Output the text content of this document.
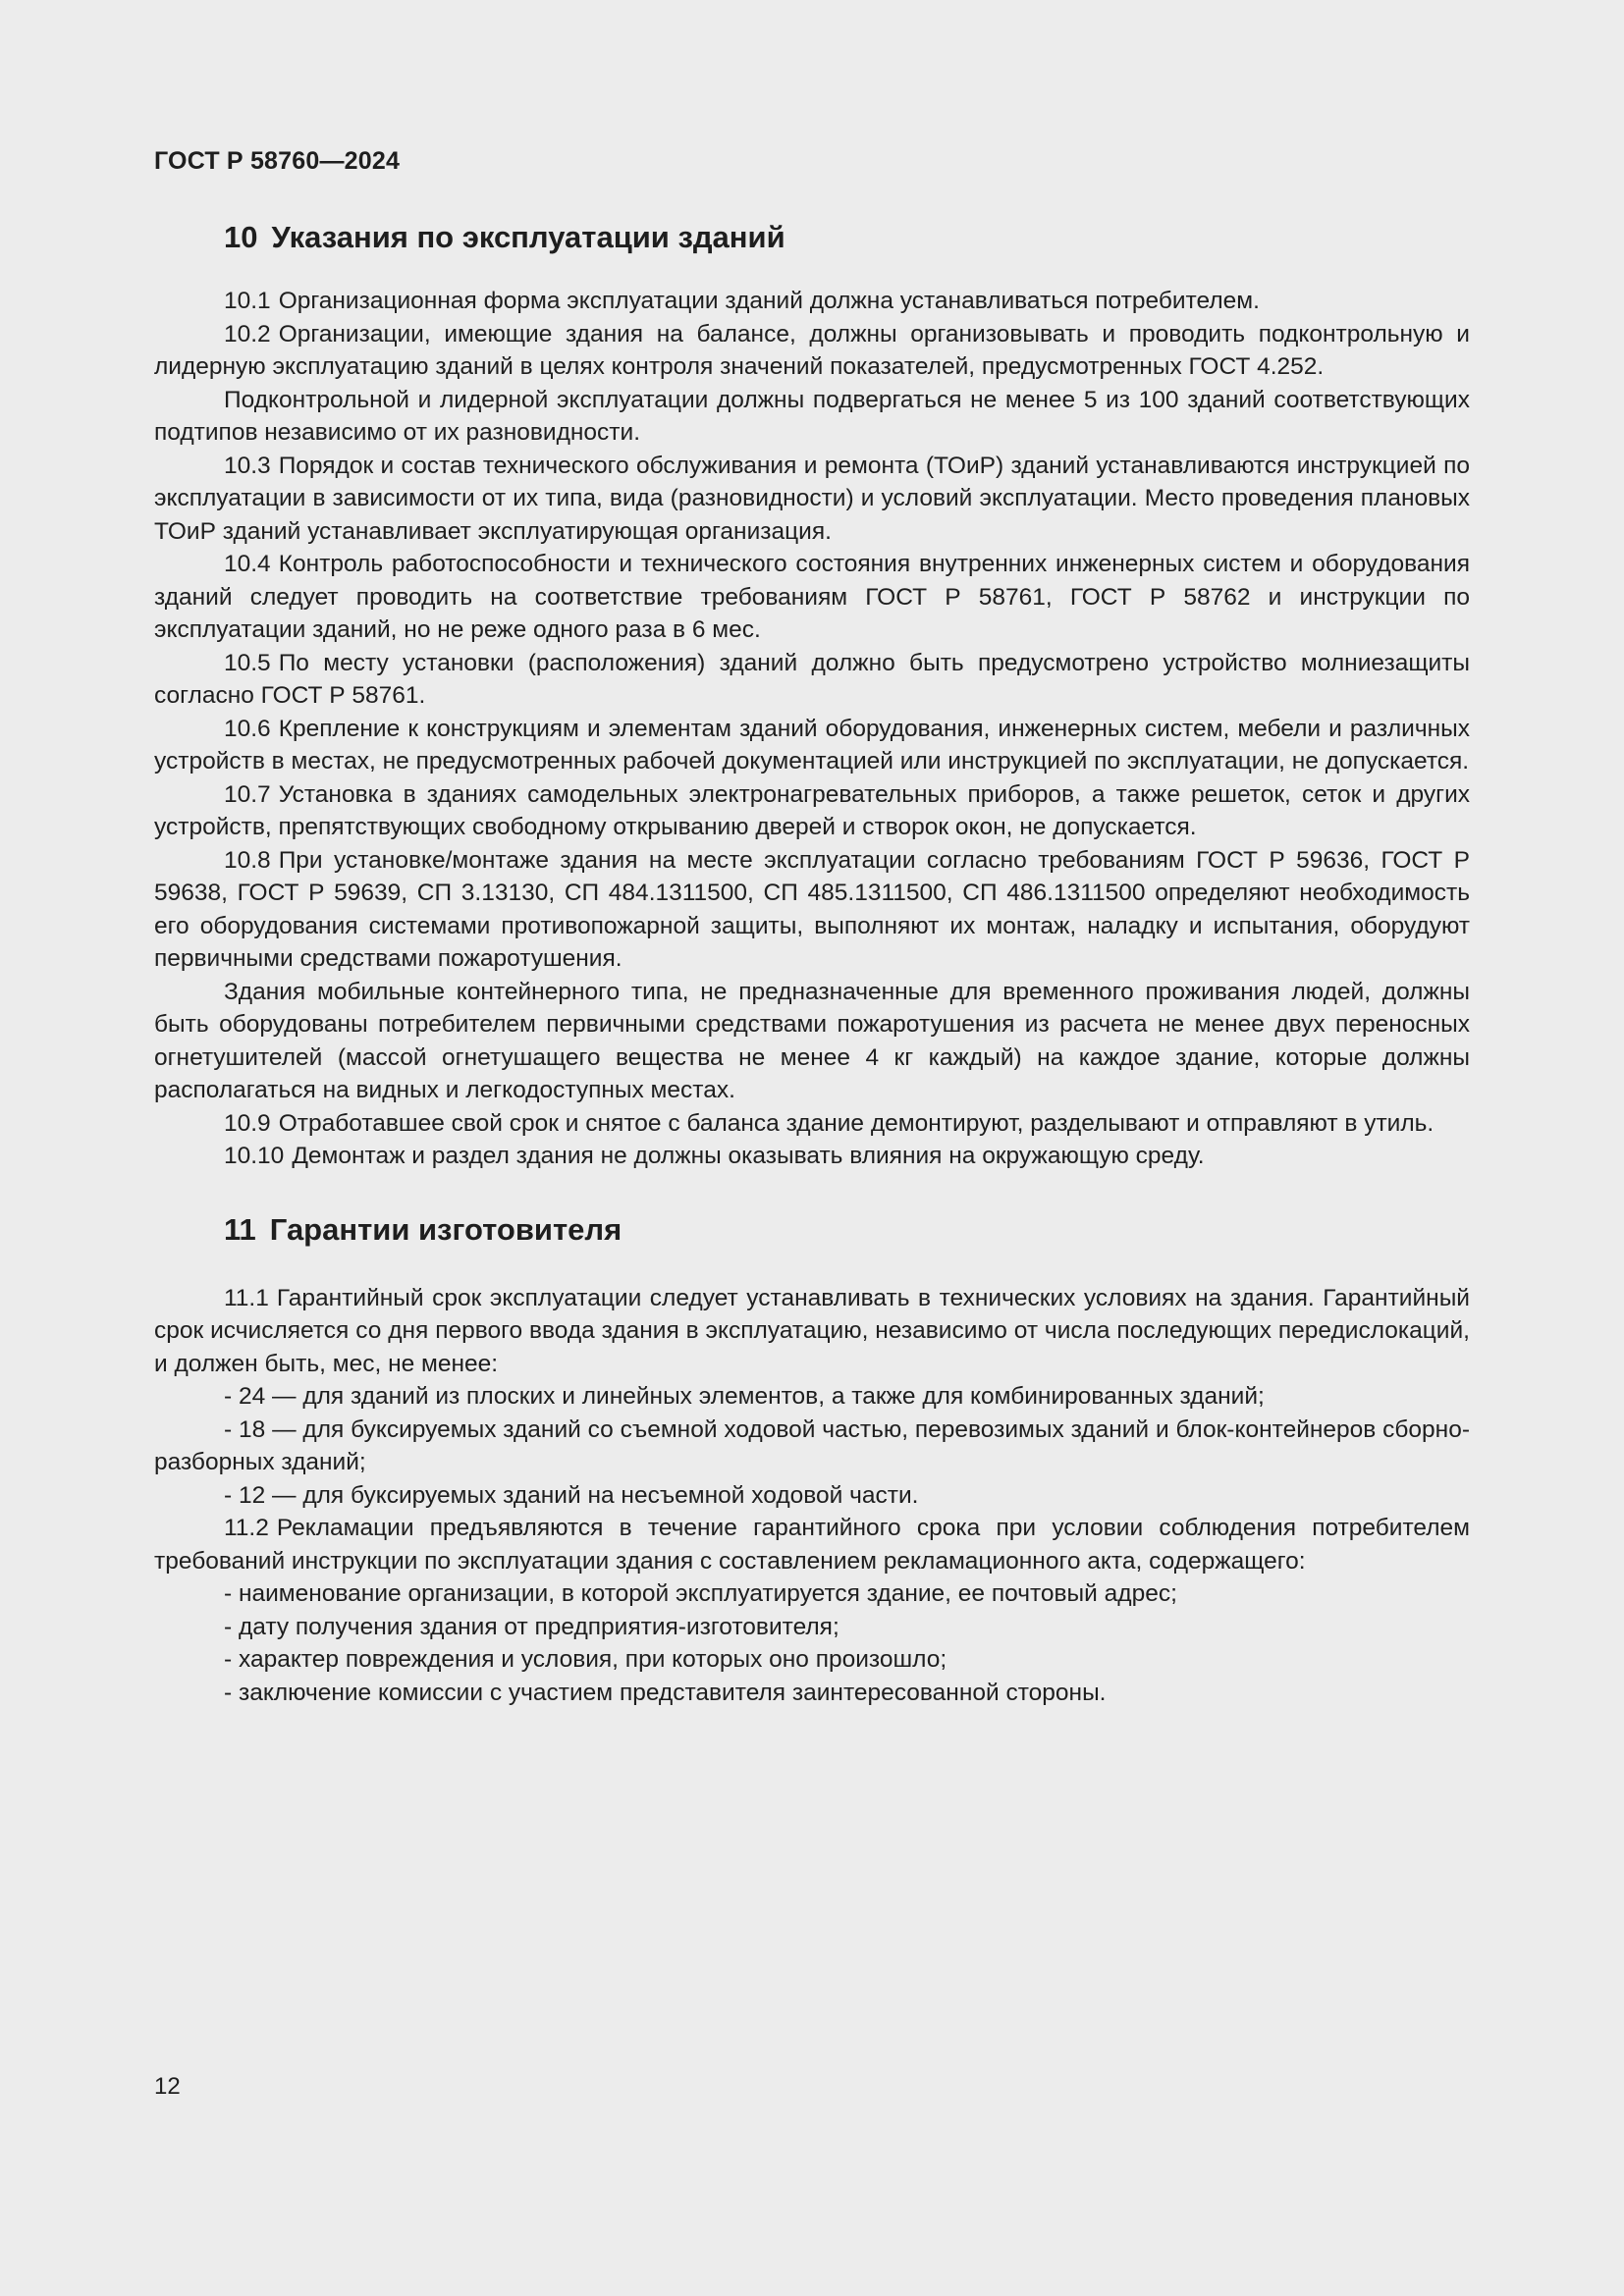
ГОСТ Р 58760—2024
10 Указания по эксплуатации зданий

10.1 Организационная форма эксплуатации зданий должна устанавливаться потребителем.

10.2 Организации, имеющие здания на балансе, должны организовывать и проводить подконтрольную и лидерную эксплуатацию зданий в целях контроля значений показателей, предусмотренных ГОСТ 4.252.

Подконтрольной и лидерной эксплуатации должны подвергаться не менее 5 из 100 зданий соответствующих подтипов независимо от их разновидности.

10.3 Порядок и состав технического обслуживания и ремонта (ТОиР) зданий устанавливаются инструкцией по эксплуатации в зависимости от их типа, вида (разновидности) и условий эксплуатации. Место проведения плановых ТОиР зданий устанавливает эксплуатирующая организация.

10.4 Контроль работоспособности и технического состояния внутренних инженерных систем и оборудования зданий следует проводить на соответствие требованиям ГОСТ Р 58761, ГОСТ Р 58762 и инструкции по эксплуатации зданий, но не реже одного раза в 6 мес.

10.5 По месту установки (расположения) зданий должно быть предусмотрено устройство молниезащиты согласно ГОСТ Р 58761.

10.6 Крепление к конструкциям и элементам зданий оборудования, инженерных систем, мебели и различных устройств в местах, не предусмотренных рабочей документацией или инструкцией по эксплуатации, не допускается.

10.7 Установка в зданиях самодельных электронагревательных приборов, а также решеток, сеток и других устройств, препятствующих свободному открыванию дверей и створок окон, не допускается.

10.8 При установке/монтаже здания на месте эксплуатации согласно требованиям ГОСТ Р 59636, ГОСТ Р 59638, ГОСТ Р 59639, СП 3.13130, СП 484.1311500, СП 485.1311500, СП 486.1311500 определяют необходимость его оборудования системами противопожарной защиты, выполняют их монтаж, наладку и испытания, оборудуют первичными средствами пожаротушения.

Здания мобильные контейнерного типа, не предназначенные для временного проживания людей, должны быть оборудованы потребителем первичными средствами пожаротушения из расчета не менее двух переносных огнетушителей (массой огнетушащего вещества не менее 4 кг каждый) на каждое здание, которые должны располагаться на видных и легкодоступных местах.

10.9 Отработавшее свой срок и снятое с баланса здание демонтируют, разделывают и отправляют в утиль.

10.10 Демонтаж и раздел здания не должны оказывать влияния на окружающую среду.

11 Гарантии изготовителя

11.1 Гарантийный срок эксплуатации следует устанавливать в технических условиях на здания. Гарантийный срок исчисляется со дня первого ввода здания в эксплуатацию, независимо от числа последующих передислокаций, и должен быть, мес, не менее:

- 24 — для зданий из плоских и линейных элементов, а также для комбинированных зданий;

- 18 — для буксируемых зданий со съемной ходовой частью, перевозимых зданий и блок-контейнеров сборно-разборных зданий;

- 12 — для буксируемых зданий на несъемной ходовой части.

11.2 Рекламации предъявляются в течение гарантийного срока при условии соблюдения потребителем требований инструкции по эксплуатации здания с составлением рекламационного акта, содержащего:

- наименование организации, в которой эксплуатируется здание, ее почтовый адрес;

- дату получения здания от предприятия-изготовителя;

- характер повреждения и условия, при которых оно произошло;

- заключение комиссии с участием представителя заинтересованной стороны.

12
